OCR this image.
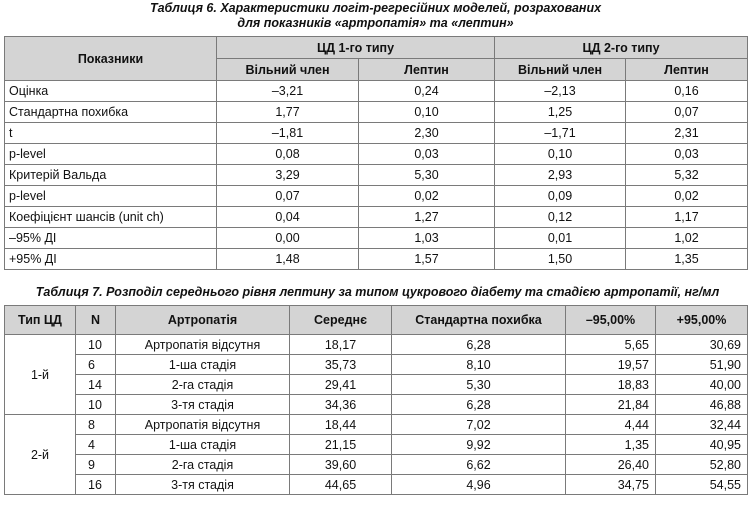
Таблиця 6. Характеристики логіт-регресійних моделей, розрахованих
для показників «артропатія» та «лептин»
Показники	ЦД 1-го типу		ЦД 2-го типу	
	Вільний член	Лептин	Вільний член	Лептин
Оцінка	–3,21	0,24	–2,13	0,16
Стандартна похибка	1,77	0,10	1,25	0,07
t	–1,81	2,30	–1,71	2,31
p-level	0,08	0,03	0,10	0,03
Критерій Вальда	3,29	5,30	2,93	5,32
p-level	0,07	0,02	0,09	0,02
Коефіцієнт шансів (unit ch)	0,04	1,27	0,12	1,17
–95% ДІ	0,00	1,03	0,01	1,02
+95% ДІ	1,48	1,57	1,50	1,35
Таблиця 7. Розподіл середнього рівня лептину за типом цукрового діабету та стадією артропатії, нг/мл
Тип ЦД	N	Артропатія	Середнє	Стандартна похибка	–95,00%	+95,00%
1-й	10	Артропатія відсутня	18,17	6,28	5,65	30,69
	6	1-ша стадія	35,73	8,10	19,57	51,90
	14	2-га стадія	29,41	5,30	18,83	40,00
	10	3-тя стадія	34,36	6,28	21,84	46,88
2-й	8	Артропатія відсутня	18,44	7,02	4,44	32,44
	4	1-ша стадія	21,15	9,92	1,35	40,95
	9	2-га стадія	39,60	6,62	26,40	52,80
	16	3-тя стадія	44,65	4,96	34,75	54,55
